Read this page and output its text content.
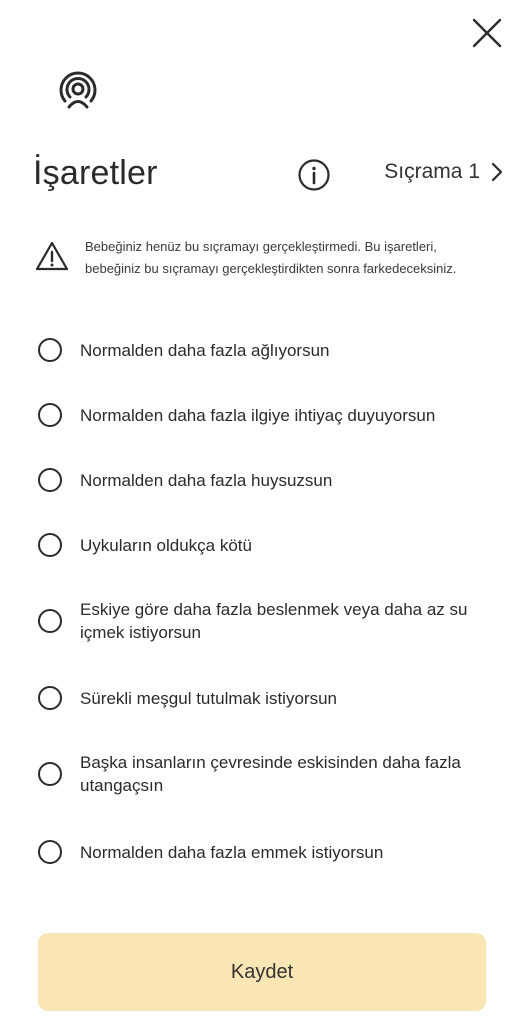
İşaretler	Sıçrama 1
Bebeğiniz henüz bu sıçramayı gerçekleştirmedi. Bu işaretleri, bebeğiniz bu sıçramayı gerçekleştirdikten sonra farkedeceksiniz.
Normalden daha fazla ağlıyorsun
Normalden daha fazla ilgiye ihtiyaç duyuyorsun
Normalden daha fazla huysuzsun
Uykuların oldukça kötü
Eskiye göre daha fazla beslenmek veya daha az su içmek istiyorsun
Sürekli meşgul tutulmak istiyorsun
Başka insanların çevresinde eskisinden daha fazla utangaçsın
Normalden daha fazla emmek istiyorsun
Kaydet
